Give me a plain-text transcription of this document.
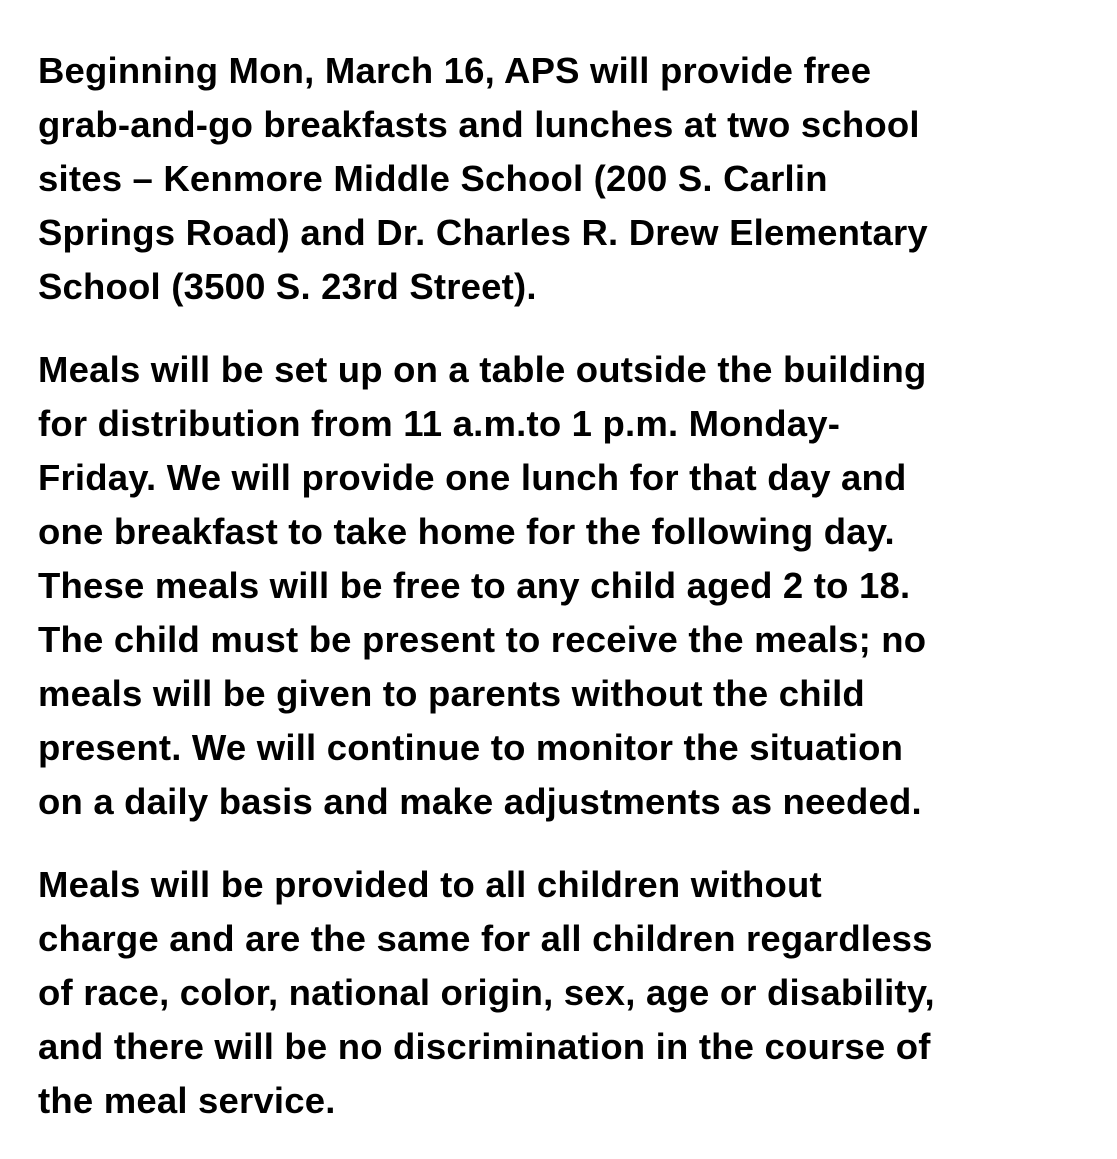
Beginning Mon, March 16, APS will provide free
grab-and-go breakfasts and lunches at two school
sites – Kenmore Middle School (200 S. Carlin
Springs Road) and Dr. Charles R. Drew Elementary
School (3500 S. 23rd Street).
Meals will be set up on a table outside the building
for distribution from 11 a.m.to 1 p.m. Monday-
Friday. We will provide one lunch for that day and
one breakfast to take home for the following day.
These meals will be free to any child aged 2 to 18.
The child must be present to receive the meals; no
meals will be given to parents without the child
present. We will continue to monitor the situation
on a daily basis and make adjustments as needed.
Meals will be provided to all children without
charge and are the same for all children regardless
of race, color, national origin, sex, age or disability,
and there will be no discrimination in the course of
the meal service.
